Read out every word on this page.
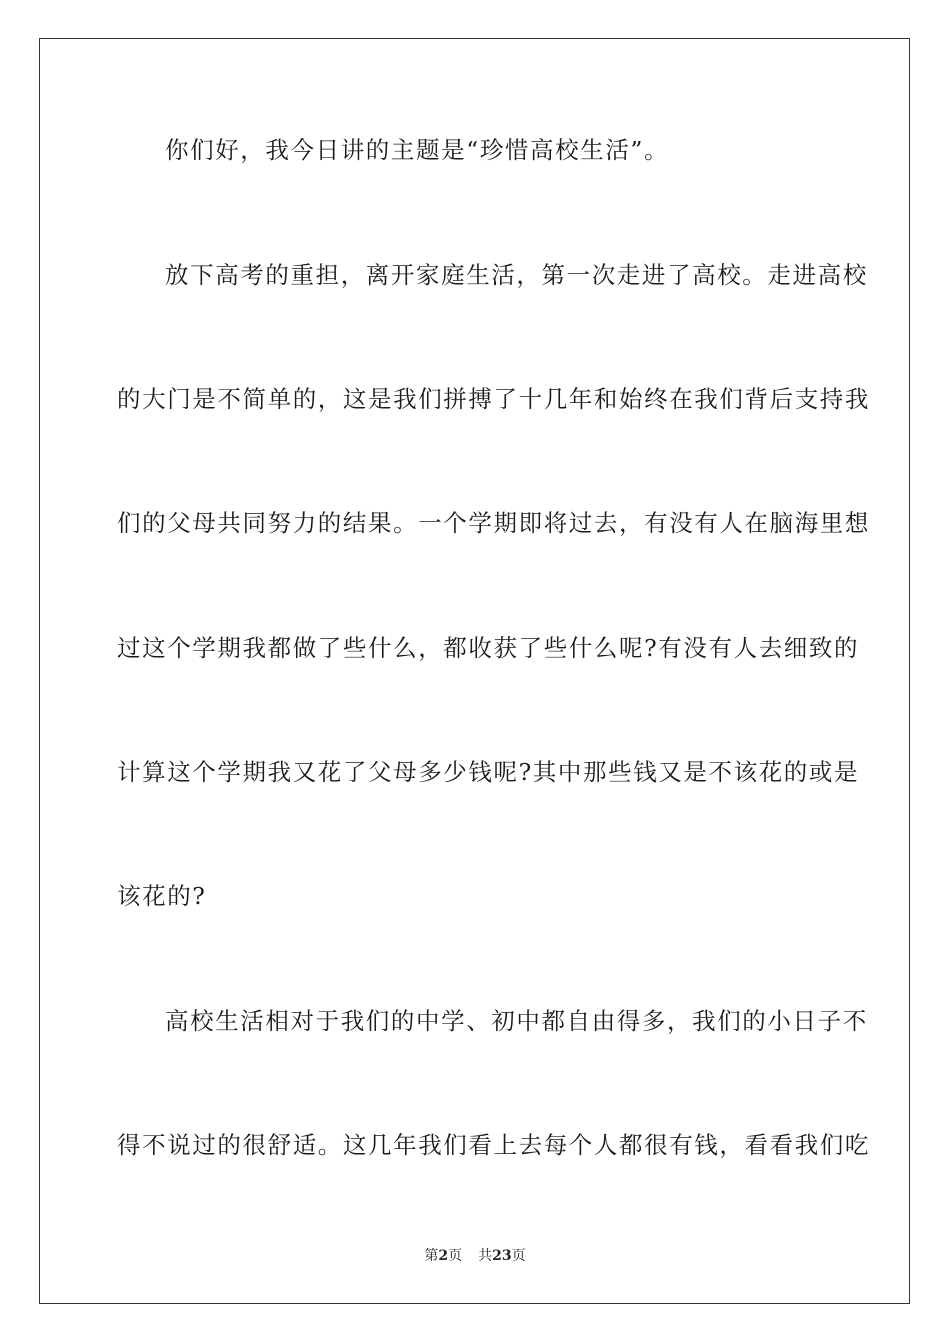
你们好，我今日讲的主题是“珍惜高校生活”。
放下高考的重担，离开家庭生活，第一次走进了高校。走进高校
的大门是不简单的，这是我们拼搏了十几年和始终在我们背后支持我
们的父母共同努力的结果。一个学期即将过去，有没有人在脑海里想
过这个学期我都做了些什么，都收获了些什么呢?有没有人去细致的
计算这个学期我又花了父母多少钱呢?其中那些钱又是不该花的或是
该花的?
高校生活相对于我们的中学、初中都自由得多，我们的小日子不
得不说过的很舒适。这几年我们看上去每个人都很有钱，看看我们吃
第2页 共23页
